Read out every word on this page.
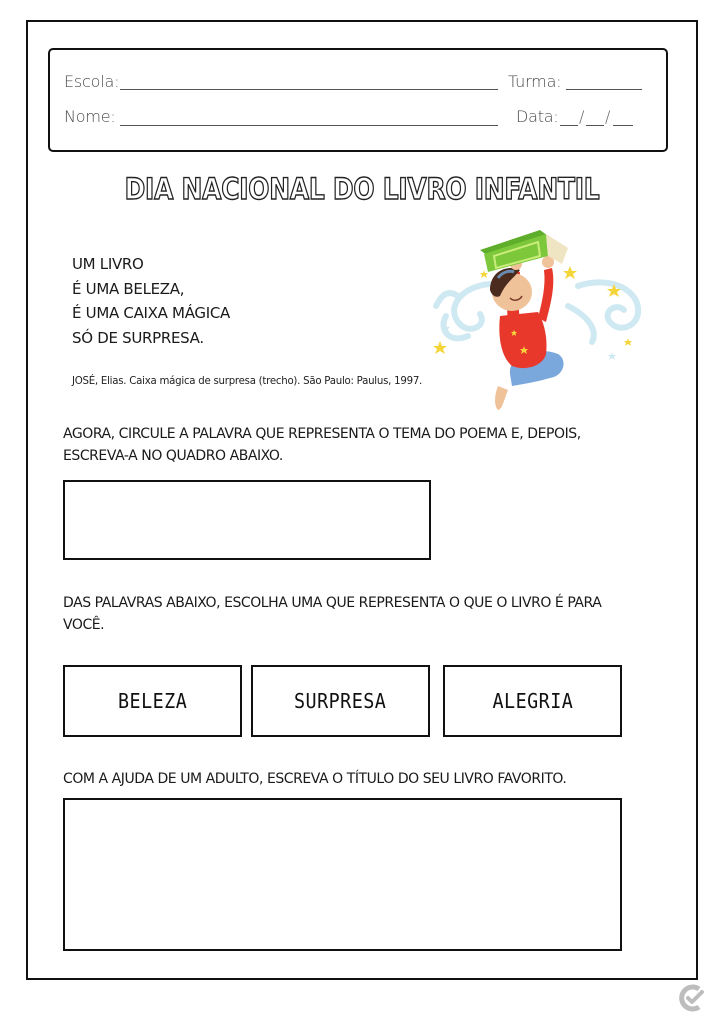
Escola:	Turma:
Nome:	Data: / /
DIA NACIONAL DO LIVRO INFANTIL
UM LIVRO
É UMA BELEZA,
É UMA CAIXA MÁGICA
SÓ DE SURPRESA.
JOSÉ, Elias. Caixa mágica de surpresa (trecho). São Paulo: Paulus, 1997.
AGORA, CIRCULE A PALAVRA QUE REPRESENTA O TEMA DO POEMA E, DEPOIS,
ESCREVA-A NO QUADRO ABAIXO.
DAS PALAVRAS ABAIXO, ESCOLHA UMA QUE REPRESENTA O QUE O LIVRO É PARA
VOCÊ.
BELEZA	SURPRESA	ALEGRIA
COM A AJUDA DE UM ADULTO, ESCREVA O TÍTULO DO SEU LIVRO FAVORITO.
